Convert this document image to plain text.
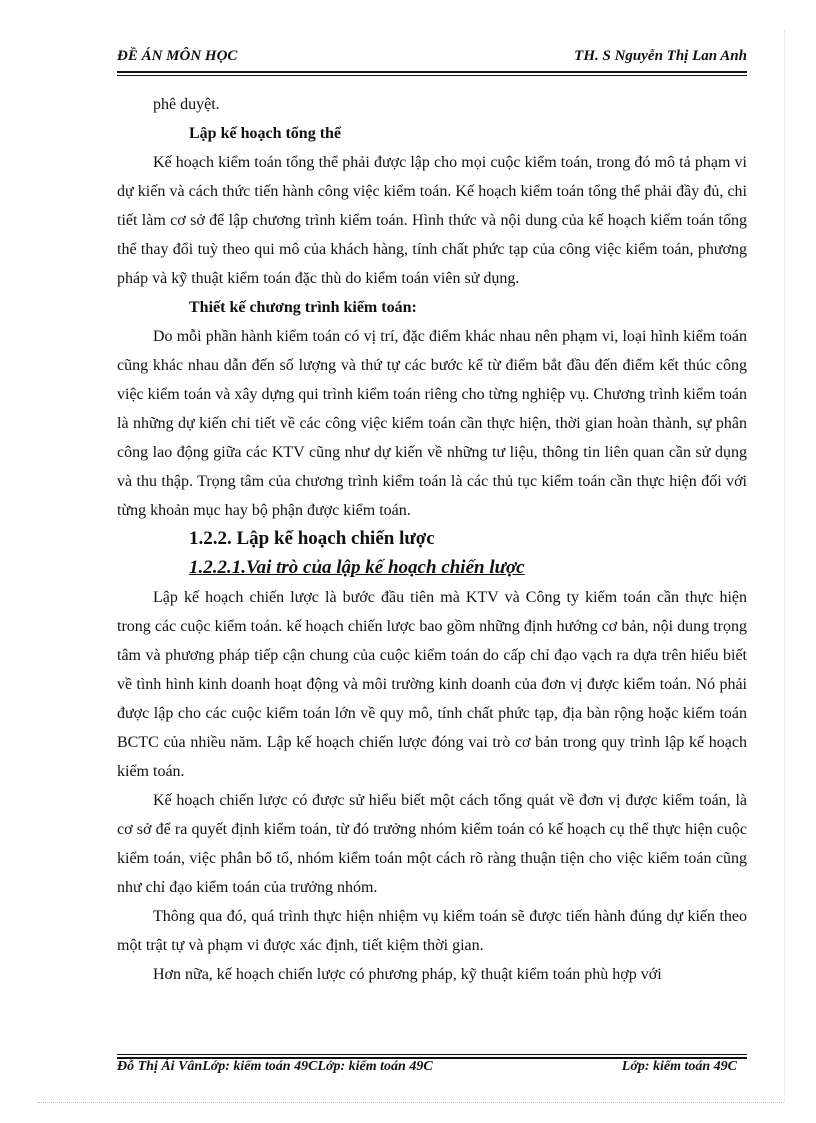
ĐỀ ÁN MÔN HỌC	TH. S Nguyễn Thị Lan Anh

phê duyệt.

Lập kế hoạch tổng thể

Kế hoạch kiểm toán tổng thể phải được lập cho mọi cuộc kiểm toán, trong đó mô tả phạm vi dự kiến và cách thức tiến hành công việc kiểm toán. Kế hoạch kiểm toán tổng thể phải đầy đủ, chi tiết làm cơ sở để lập chương trình kiểm toán. Hình thức và nội dung của kế hoạch kiểm toán tổng thể thay đổi tuỳ theo qui mô của khách hàng, tính chất phức tạp của công việc kiểm toán, phương pháp và kỹ thuật kiểm toán đặc thù do kiểm toán viên sử dụng.

Thiết kế chương trình kiểm toán:

Do mỗi phần hành kiểm toán có vị trí, đặc điểm khác nhau nên phạm vi, loại hình kiểm toán cũng khác nhau dẫn đến số lượng và thứ tự các bước kể từ điểm bắt đầu đến điểm kết thúc công việc kiểm toán và xây dựng qui trình kiểm toán riêng cho từng nghiệp vụ. Chương trình kiểm toán là những dự kiến chi tiết về các công việc kiểm toán cần thực hiện, thời gian hoàn thành, sự phân công lao động giữa các KTV cũng như dự kiến về những tư liệu, thông tin liên quan cần sử dụng và thu thập. Trọng tâm của chương trình kiểm toán là các thủ tục kiểm toán cần thực hiện đối với từng khoản mục hay bộ phận được kiểm toán.

1.2.2. Lập kế hoạch chiến lược

1.2.2.1.Vai trò của lập kế hoạch chiến lược

Lập kế hoạch chiến lược là bước đầu tiên mà KTV và Công ty kiểm toán cần thực hiện trong các cuộc kiểm toán. kế hoạch chiến lược bao gồm những định hướng cơ bản, nội dung trọng tâm và phương pháp tiếp cận chung của cuộc kiểm toán do cấp chỉ đạo vạch ra dựa trên hiểu biết về tình hình kinh doanh hoạt động và môi trường kinh doanh của đơn vị được kiểm toán. Nó phải được lập cho các cuộc kiểm toán lớn về quy mô, tính chất phức tạp, địa bàn rộng hoặc kiểm toán BCTC của nhiều năm. Lập kế hoạch chiến lược đóng vai trò cơ bản trong quy trình lập kế hoạch kiểm toán.

Kế hoạch chiến lược có được sử hiểu biết một cách tổng quát về đơn vị được kiểm toán, là cơ sở để ra quyết định kiểm toán, từ đó trưởng nhóm kiểm toán có kế hoạch cụ thể thực hiện cuộc kiểm toán, việc phân bổ tổ, nhóm kiểm toán một cách rõ ràng thuận tiện cho việc kiểm toán cũng như chỉ đạo kiểm toán của trưởng nhóm.

Thông qua đó, quá trình thực hiện nhiệm vụ kiểm toán sẽ được tiến hành đúng dự kiến theo một trật tự và phạm vi được xác định, tiết kiệm thời gian.

Hơn nữa, kế hoạch chiến lược có phương pháp, kỹ thuật kiểm toán phù hợp với

Đỗ Thị Ái VânLớp: kiểm toán 49CLớp: kiểm toán 49C	Lớp: kiểm toán 49C
